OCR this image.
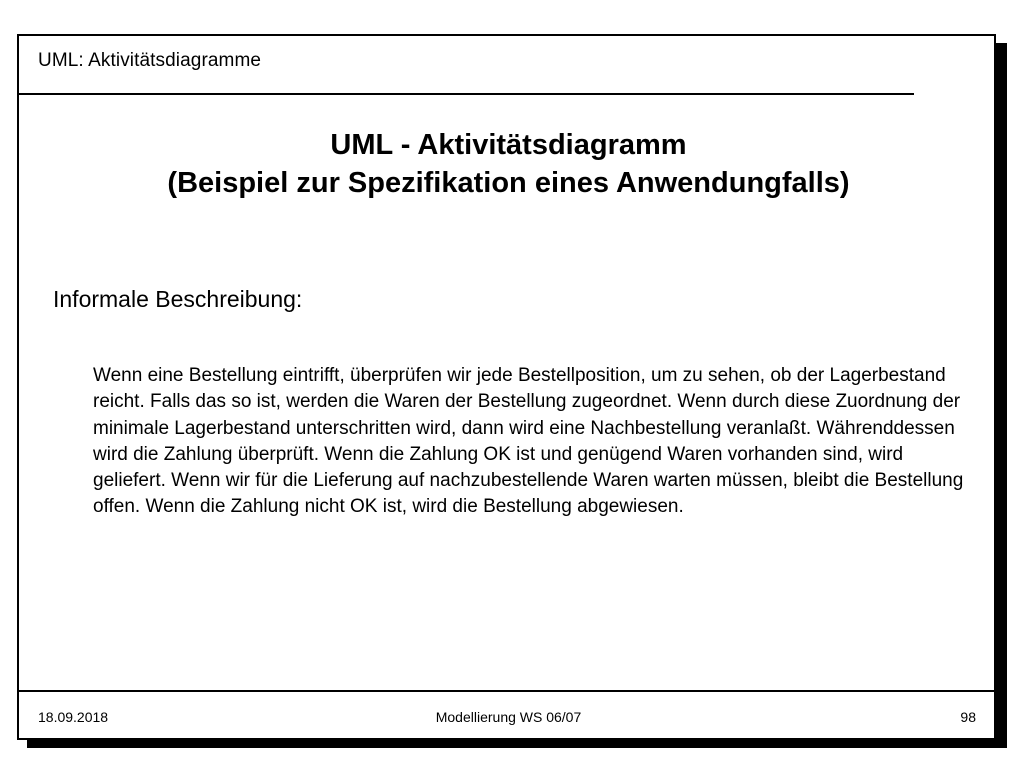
UML: Aktivitätsdiagramme
UML - Aktivitätsdiagramm
(Beispiel zur Spezifikation eines Anwendungfalls)
Informale Beschreibung:
Wenn eine Bestellung eintrifft, überprüfen wir jede Bestellposition, um zu sehen, ob der Lagerbestand reicht. Falls das so ist, werden die Waren der Bestellung zugeordnet. Wenn durch diese Zuordnung der minimale Lagerbestand unterschritten wird, dann wird eine Nachbestellung veranlaßt. Währenddessen wird die Zahlung überprüft. Wenn die Zahlung OK ist und genügend Waren vorhanden sind, wird geliefert. Wenn wir für die Lieferung auf nachzubestellende Waren warten müssen, bleibt die Bestellung offen. Wenn die Zahlung nicht OK ist, wird die Bestellung abgewiesen.
18.09.2018	Modellierung WS 06/07	98
